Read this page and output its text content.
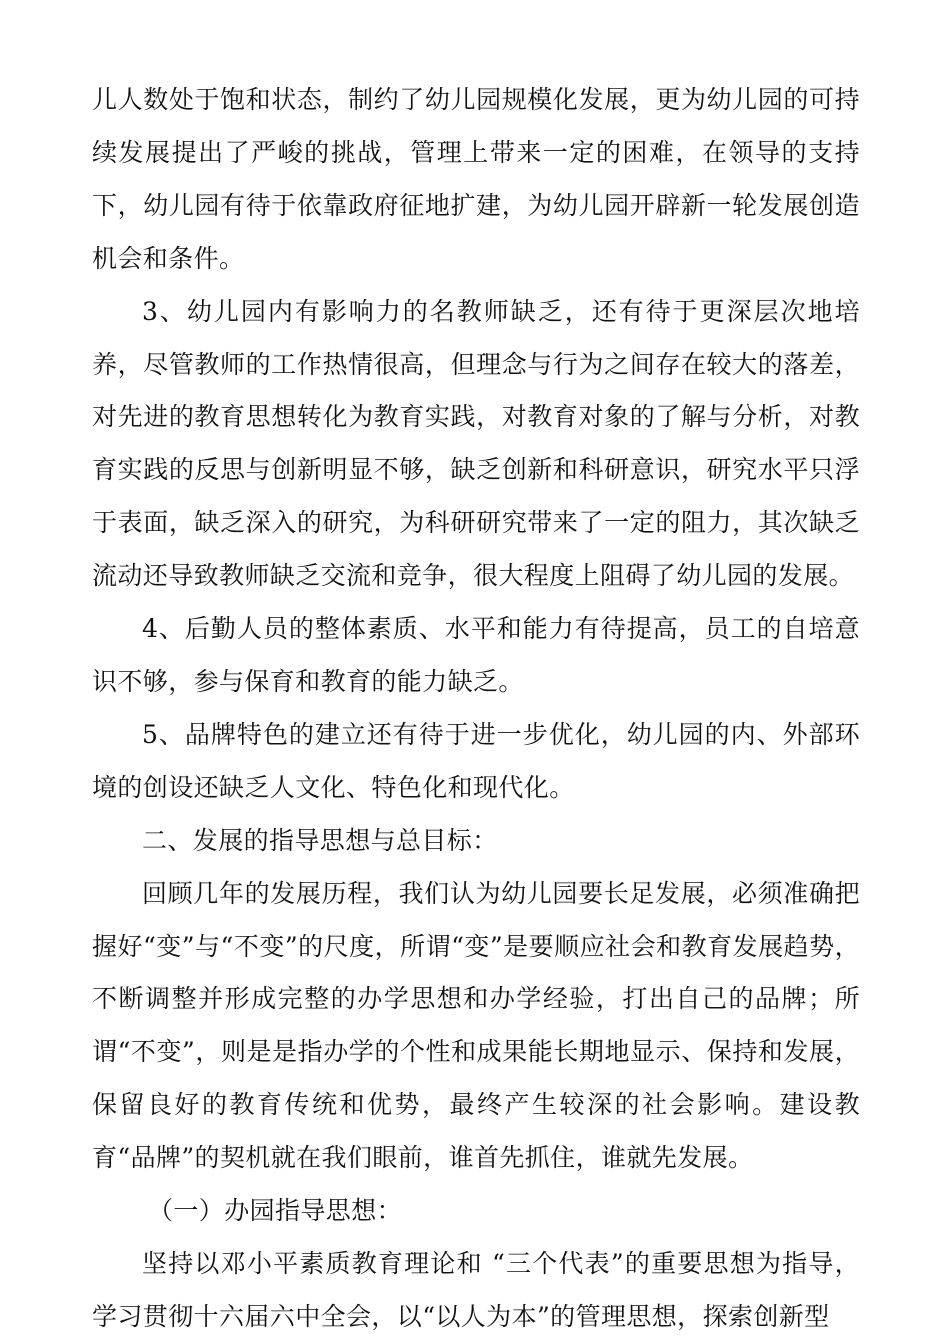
儿人数处于饱和状态，制约了幼儿园规模化发展，更为幼儿园的可持续发展提出了严峻的挑战，管理上带来一定的困难，在领导的支持下，幼儿园有待于依靠政府征地扩建，为幼儿园开辟新一轮发展创造机会和条件。

3、幼儿园内有影响力的名教师缺乏，还有待于更深层次地培养，尽管教师的工作热情很高，但理念与行为之间存在较大的落差，对先进的教育思想转化为教育实践，对教育对象的了解与分析，对教育实践的反思与创新明显不够，缺乏创新和科研意识，研究水平只浮于表面，缺乏深入的研究，为科研研究带来了一定的阻力，其次缺乏流动还导致教师缺乏交流和竞争，很大程度上阻碍了幼儿园的发展。

4、后勤人员的整体素质、水平和能力有待提高，员工的自培意识不够，参与保育和教育的能力缺乏。

5、品牌特色的建立还有待于进一步优化，幼儿园的内、外部环境的创设还缺乏人文化、特色化和现代化。

二、发展的指导思想与总目标：

回顾几年的发展历程，我们认为幼儿园要长足发展，必须准确把握好“变”与“不变”的尺度，所谓“变”是要顺应社会和教育发展趋势，不断调整并形成完整的办学思想和办学经验，打出自己的品牌；所谓“不变”，则是是指办学的个性和成果能长期地显示、保持和发展，保留良好的教育传统和优势，最终产生较深的社会影响。建设教育“品牌”的契机就在我们眼前，谁首先抓住，谁就先发展。

（一）办园指导思想：

坚持以邓小平素质教育理论和 “三个代表”的重要思想为指导，学习贯彻十六届六中全会，以“以人为本”的管理思想，探索创新型
